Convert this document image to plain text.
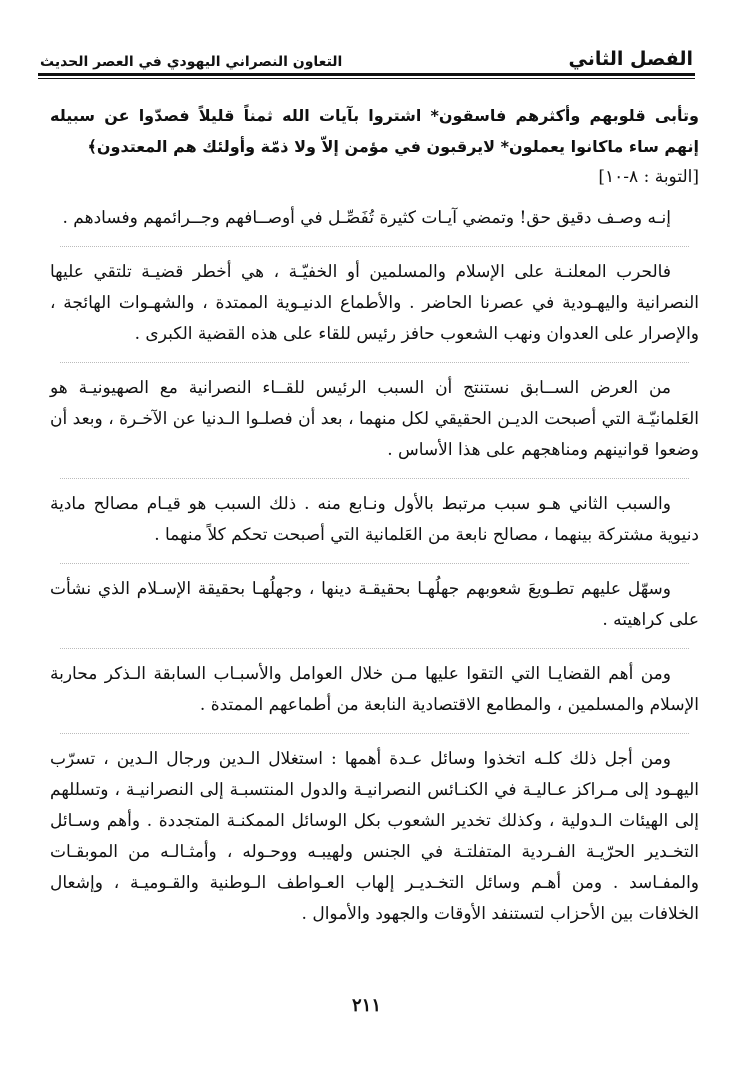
الفصل الثاني
التعاون النصراني اليهودي في العصر الحديث
وتأبى قلوبهم وأكثرهم فاسقون* اشتروا بآيات الله ثمناً قليلاً فصدّوا عن سبيله إنهم ساء ماكانوا يعملون* لايرقبون في مؤمن إلاّ ولا ذمّة وأولئك هم المعتدون﴾
[التوبة : ٨-١٠]

إنـه وصـف دقيق حق! وتمضي آيـات كثيرة تُفَصِّـل في أوصــافهم وجــرائمهم وفسادهم .

فالحرب المعلنـة على الإسلام والمسلمين أو الخفيّـة ، هي أخطر قضيـة تلتقي عليها النصرانية واليهـودية في عصرنا الحاضر . والأطماع الدنيـوية الممتدة ، والشهـوات الهائجة ، والإصرار على العدوان ونهب الشعوب حافز رئيس للقاء على هذه القضية الكبرى .

من العرض الســابق نستنتج أن السبب الرئيس للقــاء النصرانية مع الصهيونيـة هو العَلمانيّـة التي أصبحت الديـن الحقيقي لكل منهما ، بعد أن فصلـوا الـدنيا عن الآخـرة ، وبعد أن وضعوا قوانينهم ومناهجهم على هذا الأساس .

والسبب الثاني هـو سبب مرتبط بالأول ونـابع منه . ذلك السبب هو قيـام مصالح مادية دنيوية مشتركة بينهما ، مصالح نابعة من العَلمانية التي أصبحت تحكم كلاً منهما .

وسهّل عليهم تطـويعَ شعوبهم جهلُهـا بحقيقـة دينها ، وجهلُهـا بحقيقة الإسـلام الذي نشأت على كراهيته .

ومن أهم القضايـا التي التقوا عليها مـن خلال العوامل والأسبـاب السابقة الـذكر محاربة الإسلام والمسلمين ، والمطامع الاقتصادية النابعة من أطماعهم الممتدة .

ومن أجل ذلك كلـه اتخذوا وسائل عـدة أهمها : استغلال الـدين ورجال الـدين ، تسرّب اليهـود إلى مـراكز عـاليـة في الكنـائس النصرانيـة والدول المنتسبـة إلى النصرانيـة ، وتسللهم إلى الهيئات الـدولية ، وكذلك تخدير الشعوب بكل الوسائل الممكنـة المتجددة . وأهم وسـائل التخـدير الحرّيـة الفـردية المتفلتـة في الجنس ولهيبـه ووحـوله ، وأمثـالـه من الموبقـات والمفـاسد . ومن أهـم وسائل التخـديـر إلهاب العـواطف الـوطنية والقـوميـة ، وإشعال الخلافات بين الأحزاب لتستنفد الأوقات والجهود والأموال .

٢١١
